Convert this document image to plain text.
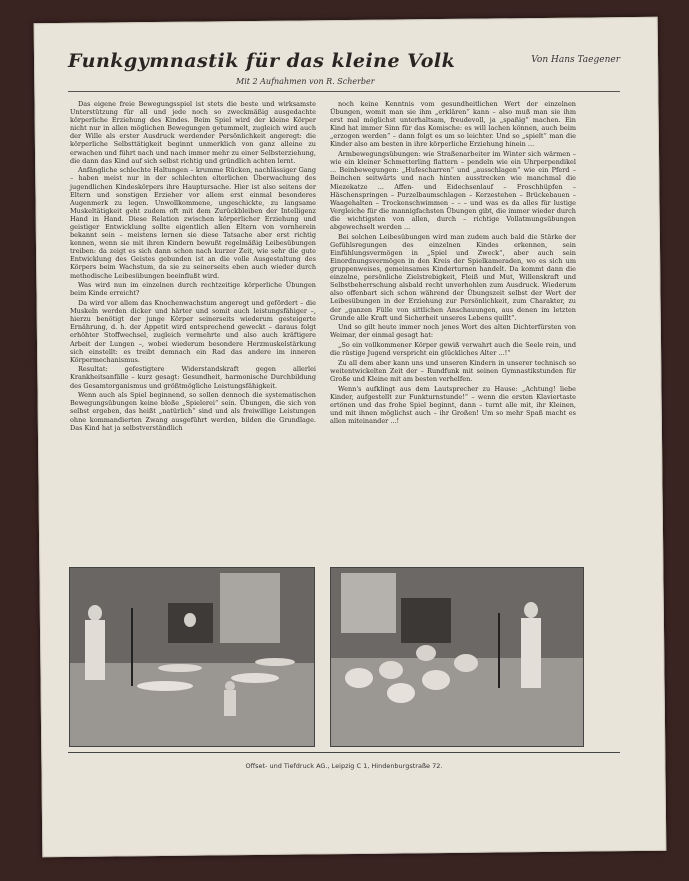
Funkgymnastik für das kleine Volk	Von Hans Taegener
Mit 2 Aufnahmen von R. Scherber

Das eigene freie Bewegungsspiel ist stets die beste und wirksamste Unterstützung für all und jede noch so zweckmäßig ausgedachte körperliche Erziehung des Kindes. Beim Spiel wird der kleine Körper nicht nur in allen möglichen Bewegungen getummelt, zugleich wird auch der Wille als erster Ausdruck werdender Persönlichkeit angeregt: die körperliche Selbsttätigkeit beginnt unmerklich von ganz alleine zu erwachen und führt nach und nach immer mehr zu einer Selbsterziehung, die dann das Kind auf sich selbst richtig und gründlich achten lernt.

Anfängliche schlechte Haltungen – krumme Rücken, nachlässiger Gang – haben meist nur in der schlechten elterlichen Überwachung des jugendlichen Kindeskörpers ihre Hauptursache. Hier ist also seitens der Eltern und sonstigen Erzieher vor allem erst einmal besonderes Augenmerk zu legen. Unwollkommene, ungeschickte, zu langsame Muskeltätigkeit geht zudem oft mit dem Zurückbleiben der Intelligenz Hand in Hand. Diese Relation zwischen körperlicher Erziehung und geistiger Entwicklung sollte eigentlich allen Eltern von vornherein bekannt sein – meistens lernen sie diese Tatsache aber erst richtig kennen, wenn sie mit ihren Kindern bewußt regelmäßig Leibesübungen treiben: da zeigt es sich dann schon nach kurzer Zeit, wie sehr die gute Entwicklung des Geistes gebunden ist an die volle Ausgestaltung des Körpers beim Wachstum, da sie zu seinerseits eben auch wieder durch methodische Leibesübungen beeinflußt wird.

Was wird nun im einzelnen durch rechtzeitige körperliche Übungen beim Kinde erreicht?

Da wird vor allem das Knochenwachstum angeregt und gefördert – die Muskeln werden dicker und härter und somit auch leistungsfähiger –, hierzu benötigt der junge Körper seinerseits wiederum gesteigerte Ernährung, d. h. der Appetit wird entsprechend geweckt – daraus folgt erhöhter Stoffwechsel, zugleich vermehrte und also auch kräftigere Arbeit der Lungen –, wobei wiederum besondere Herzmuskelstärkung sich einstellt: es treibt demnach ein Rad das andere im inneren Körpermechanismus.

Resultat: gefestigtere Widerstandskraft gegen allerlei Krankheitsanfälle – kurz gesagt: Gesundheit, harmonische Durchbildung des Gesamtorganismus und größtmögliche Leistungsfähigkeit.

Wenn auch als Spiel beginnend, so sollen dennoch die systematischen Bewegungsübungen keine bloße „Spielerei“ sein. Übungen, die sich von selbst ergeben, das heißt „natürlich“ sind und als freiwillige Leistungen ohne kommandierten Zwang ausgeführt werden, bilden die Grundlage. Das Kind hat ja selbstverständlich

noch keine Kenntnis vom gesundheitlichen Wert der einzelnen Übungen, womit man sie ihm „erklären“ kann – also muß man sie ihm erst mal möglichst unterhaltsam, freudevoll, ja „spaßig“ machen. Ein Kind hat immer Sinn für das Komische: es will lachen können, auch beim „erzogen werden“ – dann folgt es um so leichter. Und so „spielt“ man die Kinder also am besten in ihre körperliche Erziehung hinein ...

Armbewegungsübungen: wie Straßenarbeiter im Winter sich wärmen – wie ein kleiner Schmetterling flattern – pendeln wie ein Uhrperpendikel ... Beinbewegungen: „Hufescharren“ und „ausschlagen“ wie ein Pferd – Beinchen seitwärts und nach hinten ausstrecken wie manchmal die Miezekatze ... Affen- und Eidechsenlauf – Froschhüpfen – Häschenspringen – Purzelbaumschlagen – Kerzestehen – Brückebauen – Waagehalten – Trockenschwimmen – – – und was es da alles für lustige Vergleiche für die mannigfachsten Übungen gibt, die immer wieder durch die wichtigsten von allen, durch – richtige Vollatmungsübungen abgewechselt werden ...

Bei solchen Leibesübungen wird man zudem auch bald die Stärke der Gefühlsregungen des einzelnen Kindes erkennen, sein Einfühlungsvermögen in „Spiel und Zweck“, aber auch sein Einordnungsvermögen in den Kreis der Spielkameraden, wo es sich um gruppenweises, gemeinsames Kinderturnen handelt. Da kommt dann die einzelne, persönliche Zielstrebigkeit, Fleiß und Mut, Willenskraft und Selbstbeherrschung alsbald recht unverhohlen zum Ausdruck. Wiederum also offenbart sich schon während der Übungszeit selbst der Wert der Leibesübungen in der Erziehung zur Persönlichkeit, zum Charakter, zu der „ganzen Fülle von sittlichen Anschauungen, aus denen im letzten Grunde alle Kraft und Sicherheit unseres Lebens quillt“.

Und so gilt heute immer noch jenes Wort des alten Dichterfürsten von Weimar, der einmal gesagt hat:

„So ein vollkommener Körper gewiß verwahrt auch die Seele rein, und die rüstige Jugend verspricht ein glückliches Alter ...!“

Zu all dem aber kann uns und unseren Kindern in unserer technisch so weitentwickelten Zeit der – Rundfunk mit seinen Gymnastikstunden für Große und Kleine mit am besten verhelfen.

Wenn's aufklingt aus dem Lautsprecher zu Hause: „Achtung! liebe Kinder, aufgestellt zur Funkturnstunde!“ – wenn die ersten Klaviertaste ertönen und das frohe Spiel beginnt, dann – turnt alle mit, ihr Kleinen, und mit ihnen möglichst auch – ihr Großen! Um so mehr Spaß macht es allen miteinander ...!

Offset- und Tiefdruck AG., Leipzig C 1, Hindenburgstraße 72.
